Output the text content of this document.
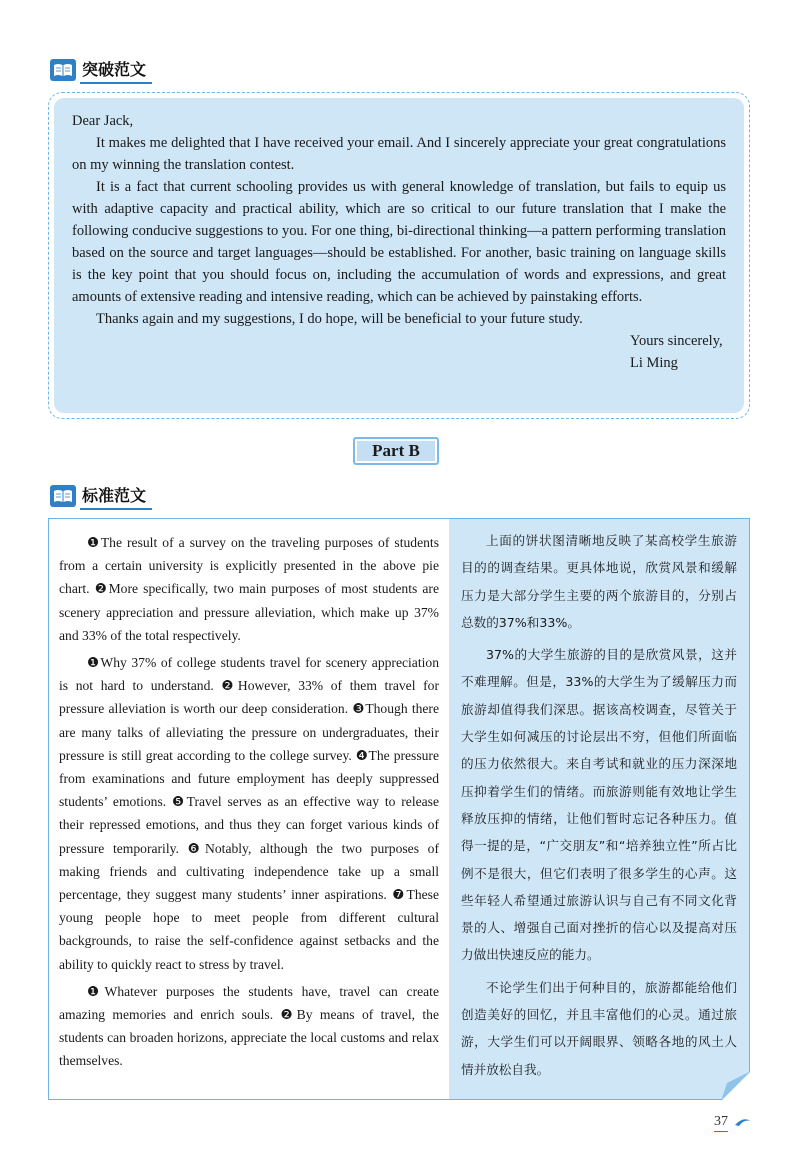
突破范文

Dear Jack,

It makes me delighted that I have received your email. And I sincerely appreciate your great congratulations on my winning the translation contest.

It is a fact that current schooling provides us with general knowledge of translation, but fails to equip us with adaptive capacity and practical ability, which are so critical to our future translation that I make the following conducive suggestions to you. For one thing, bi-directional thinking—a pattern performing translation based on the source and target languages—should be established. For another, basic training on language skills is the key point that you should focus on, including the accumulation of words and expressions, and great amounts of extensive reading and intensive reading, which can be achieved by painstaking efforts.

Thanks again and my suggestions, I do hope, will be beneficial to your future study.

Yours sincerely,

Li Ming

Part B
标准范文

❶The result of a survey on the traveling purposes of students from a certain university is explicitly presented in the above pie chart. ❷More specifically, two main purposes of most students are scenery appreciation and pressure alleviation, which make up 37% and 33% of the total respectively.

❶Why 37% of college students travel for scenery appreciation is not hard to understand. ❷However, 33% of them travel for pressure alleviation is worth our deep consideration. ❸Though there are many talks of alleviating the pressure on undergraduates, their pressure is still great according to the college survey. ❹The pressure from examinations and future employment has deeply suppressed students’ emotions. ❺Travel serves as an effective way to release their repressed emotions, and thus they can forget various kinds of pressure temporarily. ❻Notably, although the two purposes of making friends and cultivating independence take up a small percentage, they suggest many students’ inner aspirations. ❼These young people hope to meet people from different cultural backgrounds, to raise the self-confidence against setbacks and the ability to quickly react to stress by travel.

❶Whatever purposes the students have, travel can create amazing memories and enrich souls. ❷By means of travel, the students can broaden horizons, appreciate the local customs and relax themselves.

上面的饼状图清晰地反映了某高校学生旅游目的的调查结果。更具体地说，欣赏风景和缓解压力是大部分学生主要的两个旅游目的，分别占总数的37%和33%。

37%的大学生旅游的目的是欣赏风景，这并不难理解。但是，33%的大学生为了缓解压力而旅游却值得我们深思。据该高校调查，尽管关于大学生如何减压的讨论层出不穷，但他们所面临的压力依然很大。来自考试和就业的压力深深地压抑着学生们的情绪。而旅游则能有效地让学生释放压抑的情绪，让他们暂时忘记各种压力。值得一提的是，“广交朋友”和“培养独立性”所占比例不是很大，但它们表明了很多学生的心声。这些年轻人希望通过旅游认识与自己有不同文化背景的人、增强自己面对挫折的信心以及提高对压力做出快速反应的能力。

不论学生们出于何种目的，旅游都能给他们创造美好的回忆，并且丰富他们的心灵。通过旅游，大学生们可以开阔眼界、领略各地的风土人情并放松自我。

37
